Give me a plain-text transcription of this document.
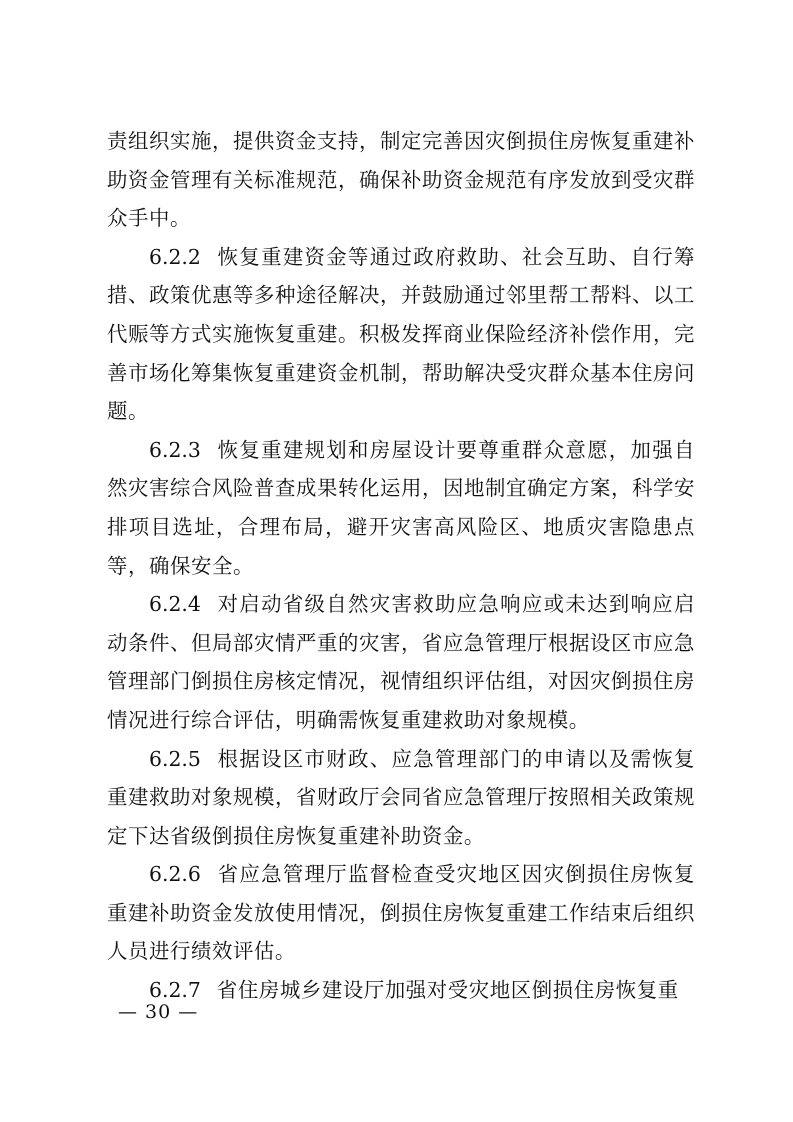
责组织实施，提供资金支持，制定完善因灾倒损住房恢复重建补助资金管理有关标准规范，确保补助资金规范有序发放到受灾群众手中。

6.2.2 恢复重建资金等通过政府救助、社会互助、自行筹措、政策优惠等多种途径解决，并鼓励通过邻里帮工帮料、以工代赈等方式实施恢复重建。积极发挥商业保险经济补偿作用，完善市场化筹集恢复重建资金机制，帮助解决受灾群众基本住房问题。

6.2.3 恢复重建规划和房屋设计要尊重群众意愿，加强自然灾害综合风险普查成果转化运用，因地制宜确定方案，科学安排项目选址，合理布局，避开灾害高风险区、地质灾害隐患点等，确保安全。

6.2.4 对启动省级自然灾害救助应急响应或未达到响应启动条件、但局部灾情严重的灾害，省应急管理厅根据设区市应急管理部门倒损住房核定情况，视情组织评估组，对因灾倒损住房情况进行综合评估，明确需恢复重建救助对象规模。

6.2.5 根据设区市财政、应急管理部门的申请以及需恢复重建救助对象规模，省财政厅会同省应急管理厅按照相关政策规定下达省级倒损住房恢复重建补助资金。

6.2.6 省应急管理厅监督检查受灾地区因灾倒损住房恢复重建补助资金发放使用情况，倒损住房恢复重建工作结束后组织人员进行绩效评估。

6.2.7 省住房城乡建设厅加强对受灾地区倒损住房恢复重

— 30 —
